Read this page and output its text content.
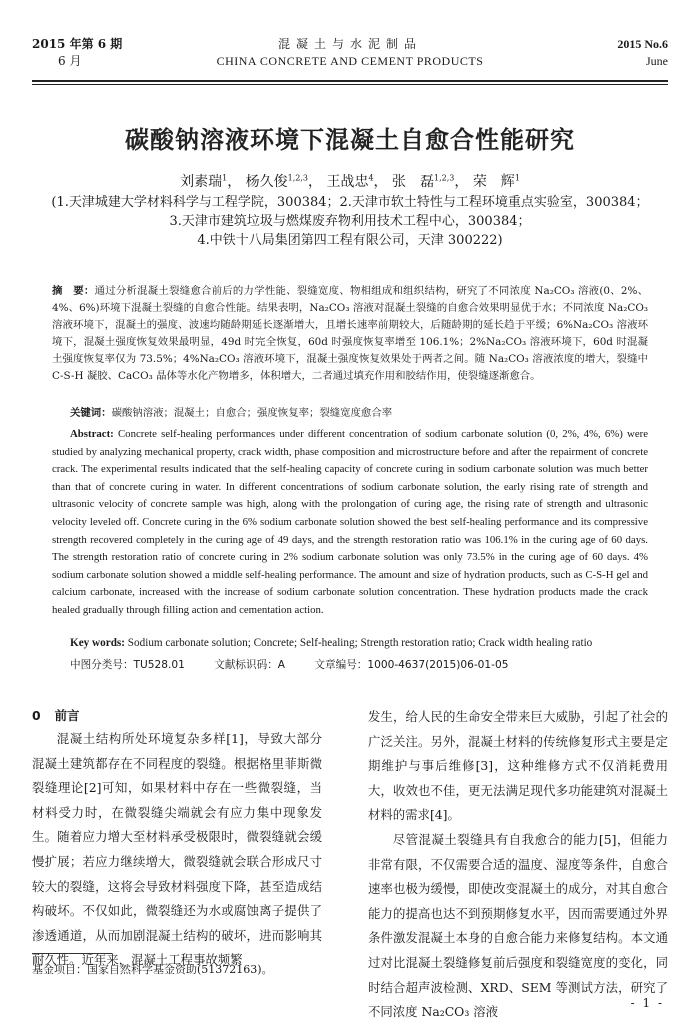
2015 年第 6 期
6 月
混凝土与水泥制品
CHINA CONCRETE AND CEMENT PRODUCTS
2015 No.6
June
碳酸钠溶液环境下混凝土自愈合性能研究
刘素瑞$^1$， 杨久俊$^{1,2,3}$， 王战忠$^4$， 张　磊$^{1,2,3}$， 荣　辉$^1$
(1.天津城建大学材料科学与工程学院，300384；2.天津市软土特性与工程环境重点实验室，300384；
3.天津市建筑垃圾与燃煤废弃物利用技术工程中心，300384；
4.中铁十八局集团第四工程有限公司，天津 300222)
摘　要：通过分析混凝土裂缝愈合前后的力学性能、裂缝宽度、物相组成和组织结构，研究了不同浓度 Na₂CO₃ 溶液(0、2%、4%、6%)环境下混凝土裂缝的自愈合性能。结果表明，Na₂CO₃ 溶液对混凝土裂缝的自愈合效果明显优于水；不同浓度 Na₂CO₃ 溶液环境下，混凝土的强度、波速均随龄期延长逐渐增大，且增长速率前期较大，后随龄期的延长趋于平缓；6%Na₂CO₃ 溶液环境下，混凝土强度恢复效果最明显，49d 时完全恢复，60d 时强度恢复率增至 106.1%；2%Na₂CO₃ 溶液环境下，60d 时混凝土强度恢复率仅为 73.5%；4%Na₂CO₃ 溶液环境下，混凝土强度恢复效果处于两者之间。随 Na₂CO₃ 溶液浓度的增大，裂缝中 C-S-H 凝胶、CaCO₃ 晶体等水化产物增多，体积增大，二者通过填充作用和胶结作用，使裂缝逐渐愈合。
关键词：碳酸钠溶液；混凝土；自愈合；强度恢复率；裂缝宽度愈合率
Abstract: Concrete self-healing performances under different concentration of sodium carbonate solution (0, 2%, 4%, 6%) were studied by analyzing mechanical property, crack width, phase composition and microstructure before and after the repairment of concrete crack. The experimental results indicated that the self-healing capacity of concrete curing in sodium carbonate solution was much better than that of concrete curing in water. In different concentrations of sodium carbonate solution, the early rising rate of strength and ultrasonic velocity of concrete sample was high, along with the prolongation of curing age, the rising rate of strength and ultrasonic velocity leveled off. Concrete curing in the 6% sodium carbonate solution showed the best self-healing performance and its compressive strength recovered completely in the curing age of 49 days, and the strength restoration ratio was 106.1% in the curing age of 60 days. The strength restoration ratio of concrete curing in 2% sodium carbonate solution was only 73.5% in the curing age of 60 days. 4% sodium carbonate solution showed a middle self-healing performance. The amount and size of hydration products, such as C-S-H gel and calcium carbonate, increased with the increase of sodium carbonate solution concentration. These hydration products made the crack healed gradually through filling action and cementation action.
Key words: Sodium carbonate solution; Concrete; Self-healing; Strength restoration ratio; Crack width healing ratio
中图分类号：TU528.01	文献标识码：A	文章编号：1000-4637(2015)06-01-05
0 前言

混凝土结构所处环境复杂多样[1]，导致大部分混凝土建筑都存在不同程度的裂缝。根据格里菲斯微裂缝理论[2]可知，如果材料中存在一些微裂缝，当材料受力时，在微裂缝尖端就会有应力集中现象发生。随着应力增大至材料承受极限时，微裂缝就会缓慢扩展；若应力继续增大，微裂缝就会联合形成尺寸较大的裂缝，这将会导致材料强度下降，甚至造成结构破坏。不仅如此，微裂缝还为水或腐蚀离子提供了渗透通道，从而加剧混凝土结构的破坏，进而影响其耐久性。近年来，混凝土工程事故频繁

发生，给人民的生命安全带来巨大威胁，引起了社会的广泛关注。另外，混凝土材料的传统修复形式主要是定期维护与事后维修[3]，这种维修方式不仅消耗费用大，收效也不佳，更无法满足现代多功能建筑对混凝土材料的需求[4]。

尽管混凝土裂缝具有自我愈合的能力[5]，但能力非常有限，不仅需要合适的温度、湿度等条件，自愈合速率也极为缓慢，即使改变混凝土的成分，对其自愈合能力的提高也达不到预期修复水平，因而需要通过外界条件激发混凝土本身的自愈合能力来修复结构。本文通过对比混凝土裂缝修复前后强度和裂缝宽度的变化，同时结合超声波检测、XRD、SEM 等测试方法，研究了不同浓度 Na₂CO₃ 溶液

基金项目：国家自然科学基金资助(51372163)。
- 1 -
